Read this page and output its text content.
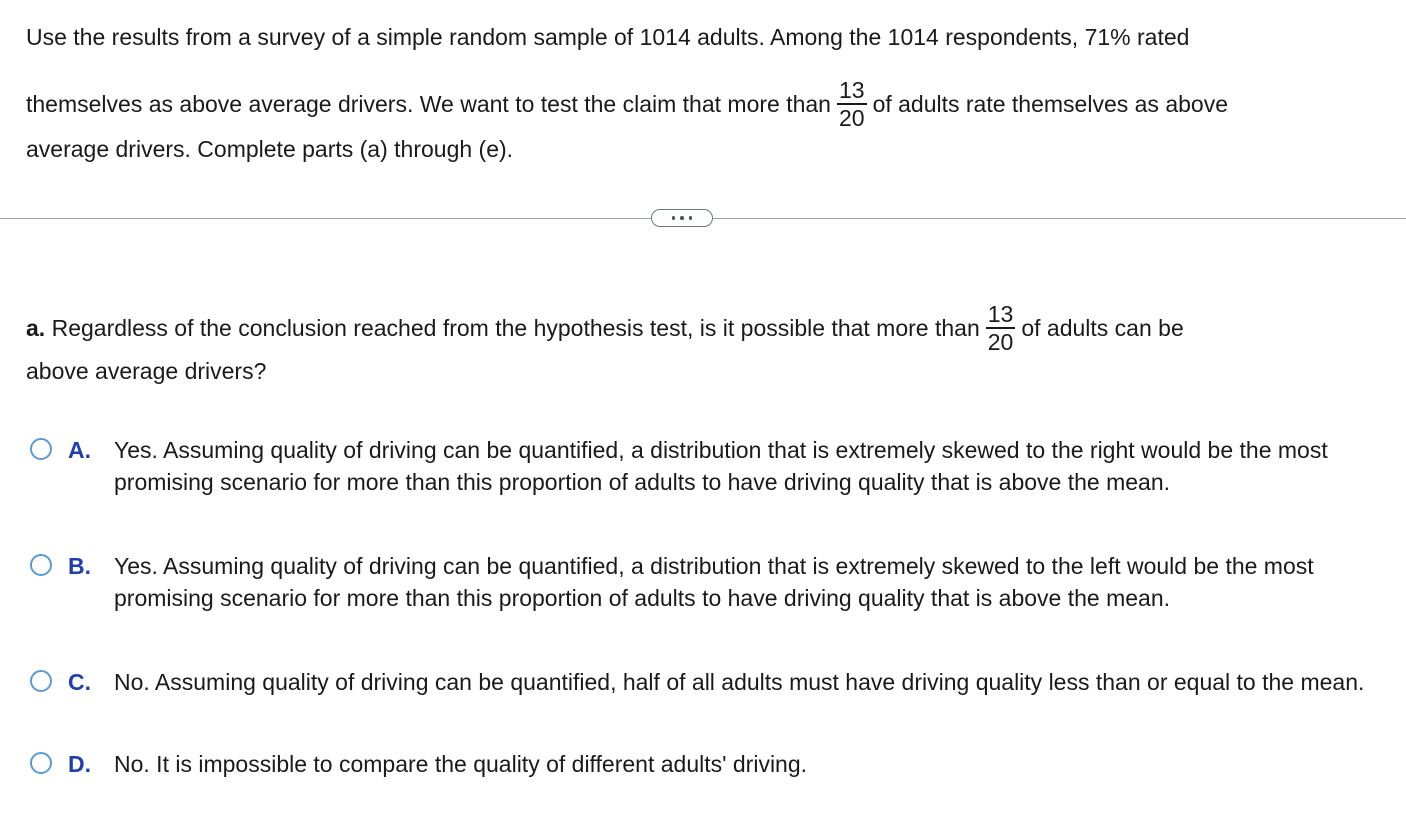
Use the results from a survey of a simple random sample of 1014 adults. Among the 1014 respondents, 71% rated
themselves as above average drivers. We want to test the claim that more than $\frac{13}{20}$ of adults rate themselves as above
average drivers. Complete parts (a) through (e).
a. Regardless of the conclusion reached from the hypothesis test, is it possible that more than $\frac{13}{20}$ of adults can be
above average drivers?
A. Yes. Assuming quality of driving can be quantified, a distribution that is extremely skewed to the right would be the most promising scenario for more than this proportion of adults to have driving quality that is above the mean.
B. Yes. Assuming quality of driving can be quantified, a distribution that is extremely skewed to the left would be the most promising scenario for more than this proportion of adults to have driving quality that is above the mean.
C. No. Assuming quality of driving can be quantified, half of all adults must have driving quality less than or equal to the mean.
D. No. It is impossible to compare the quality of different adults' driving.
